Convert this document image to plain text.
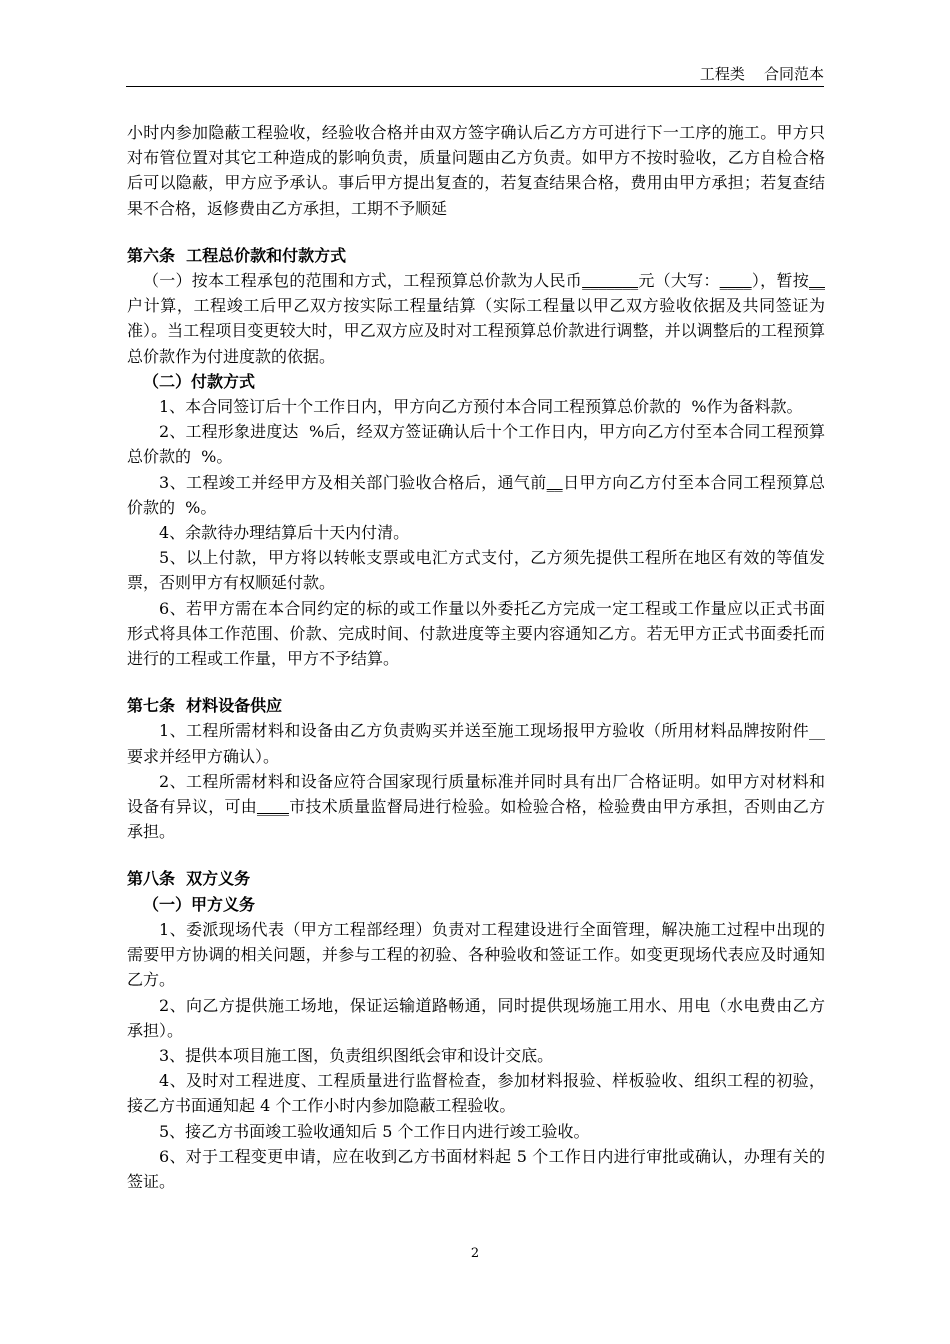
工程类    合同范本

小时内参加隐蔽工程验收，经验收合格并由双方签字确认后乙方方可进行下一工序的施工。甲方只对布管位置对其它工种造成的影响负责，质量问题由乙方负责。如甲方不按时验收，乙方自检合格后可以隐蔽，甲方应予承认。事后甲方提出复查的，若复查结果合格，费用由甲方承担；若复查结果不合格，返修费由乙方承担，工期不予顺延

第六条  工程总价款和付款方式

（一）按本工程承包的范围和方式，工程预算总价款为人民币_______元（大写：____），暂按__户计算，工程竣工后甲乙双方按实际工程量结算（实际工程量以甲乙双方验收依据及共同签证为准）。当工程项目变更较大时，甲乙双方应及时对工程预算总价款进行调整，并以调整后的工程预算总价款作为付进度款的依据。

（二）付款方式

1、本合同签订后十个工作日内，甲方向乙方预付本合同工程预算总价款的  %作为备料款。

2、工程形象进度达  %后，经双方签证确认后十个工作日内，甲方向乙方付至本合同工程预算总价款的  %。

3、工程竣工并经甲方及相关部门验收合格后，通气前__日甲方向乙方付至本合同工程预算总价款的  %。

4、余款待办理结算后十天内付清。

5、以上付款，甲方将以转帐支票或电汇方式支付，乙方须先提供工程所在地区有效的等值发票，否则甲方有权顺延付款。

6、若甲方需在本合同约定的标的或工作量以外委托乙方完成一定工程或工作量应以正式书面形式将具体工作范围、价款、完成时间、付款进度等主要内容通知乙方。若无甲方正式书面委托而进行的工程或工作量，甲方不予结算。

第七条  材料设备供应

1、工程所需材料和设备由乙方负责购买并送至施工现场报甲方验收（所用材料品牌按附件__要求并经甲方确认）。

2、工程所需材料和设备应符合国家现行质量标准并同时具有出厂合格证明。如甲方对材料和设备有异议，可由____市技术质量监督局进行检验。如检验合格，检验费由甲方承担，否则由乙方承担。

第八条  双方义务

（一）甲方义务

1、委派现场代表（甲方工程部经理）负责对工程建设进行全面管理，解决施工过程中出现的需要甲方协调的相关问题，并参与工程的初验、各种验收和签证工作。如变更现场代表应及时通知乙方。

2、向乙方提供施工场地，保证运输道路畅通，同时提供现场施工用水、用电（水电费由乙方承担）。

3、提供本项目施工图，负责组织图纸会审和设计交底。

4、及时对工程进度、工程质量进行监督检查，参加材料报验、样板验收、组织工程的初验，接乙方书面通知起 4 个工作小时内参加隐蔽工程验收。

5、接乙方书面竣工验收通知后 5 个工作日内进行竣工验收。

6、对于工程变更申请，应在收到乙方书面材料起 5 个工作日内进行审批或确认，办理有关的签证。

2
